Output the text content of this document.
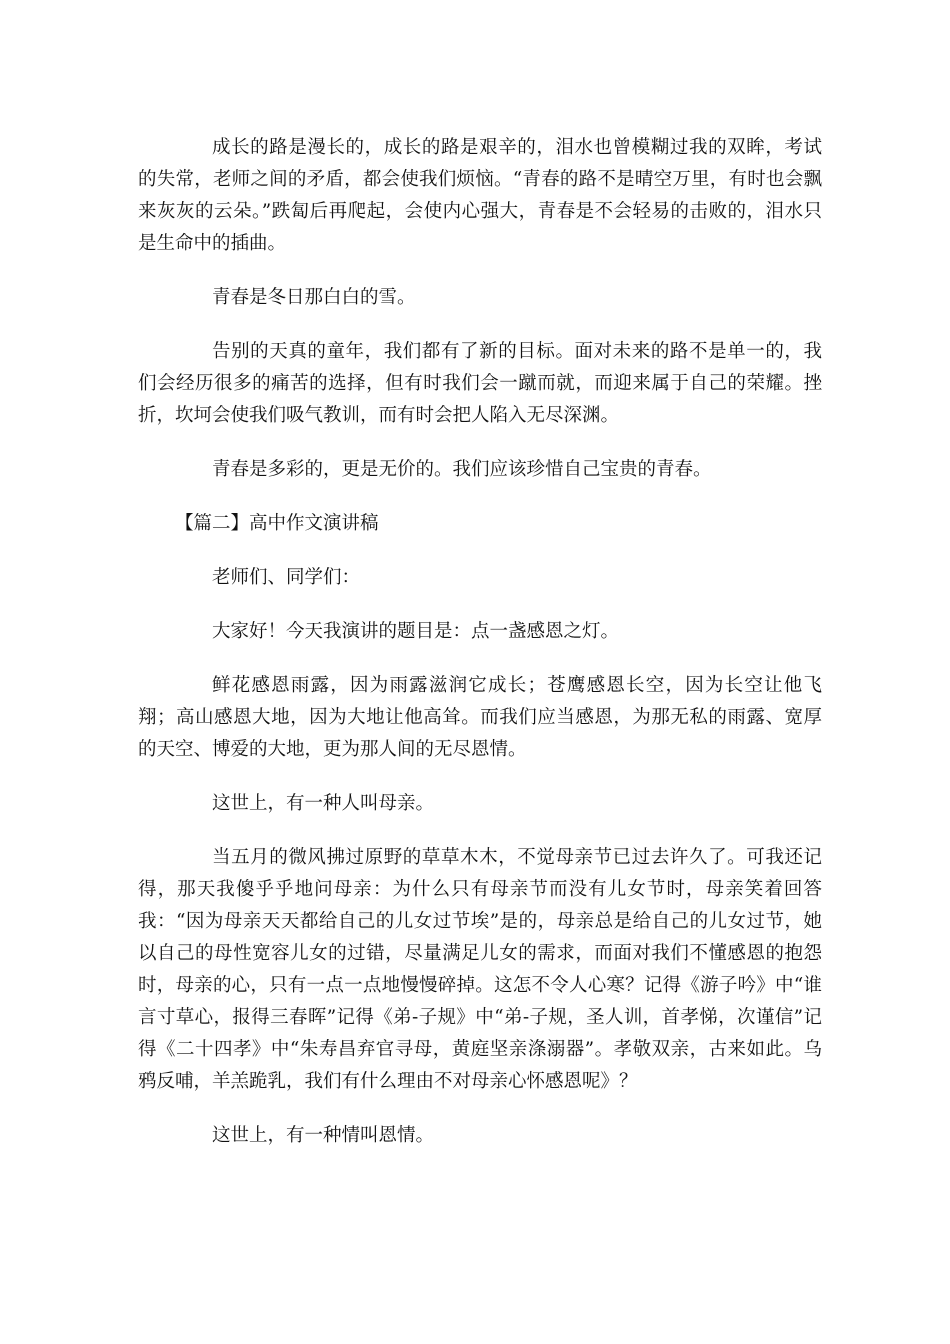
成长的路是漫长的，成长的路是艰辛的，泪水也曾模糊过我的双眸，考试的失常，老师之间的矛盾，都会使我们烦恼。“青春的路不是晴空万里，有时也会飘来灰灰的云朵。”跌匐后再爬起，会使内心强大，青春是不会轻易的击败的，泪水只是生命中的插曲。

青春是冬日那白白的雪。

告别的天真的童年，我们都有了新的目标。面对未来的路不是单一的，我们会经历很多的痛苦的选择，但有时我们会一蹴而就，而迎来属于自己的荣耀。挫折，坎坷会使我们吸气教训，而有时会把人陷入无尽深渊。

青春是多彩的，更是无价的。我们应该珍惜自己宝贵的青春。

【篇二】高中作文演讲稿

老师们、同学们：

大家好！今天我演讲的题目是：点一盏感恩之灯。

鲜花感恩雨露，因为雨露滋润它成长；苍鹰感恩长空，因为长空让他飞翔；高山感恩大地，因为大地让他高耸。而我们应当感恩，为那无私的雨露、宽厚的天空、博爱的大地，更为那人间的无尽恩情。

这世上，有一种人叫母亲。

当五月的微风拂过原野的草草木木，不觉母亲节已过去许久了。可我还记得，那天我傻乎乎地问母亲：为什么只有母亲节而没有儿女节时，母亲笑着回答我：“因为母亲天天都给自己的儿女过节埃”是的，母亲总是给自己的儿女过节，她以自己的母性宽容儿女的过错，尽量满足儿女的需求，而面对我们不懂感恩的抱怨时，母亲的心，只有一点一点地慢慢碎掉。这怎不令人心寒？记得《游子吟》中“谁言寸草心，报得三春晖”记得《弟-子规》中“弟-子规，圣人训，首孝悌，次谨信”记得《二十四孝》中“朱寿昌弃官寻母，黄庭坚亲涤溺器”。孝敬双亲，古来如此。乌鸦反哺，羊羔跪乳，我们有什么理由不对母亲心怀感恩呢》？

这世上，有一种情叫恩情。
